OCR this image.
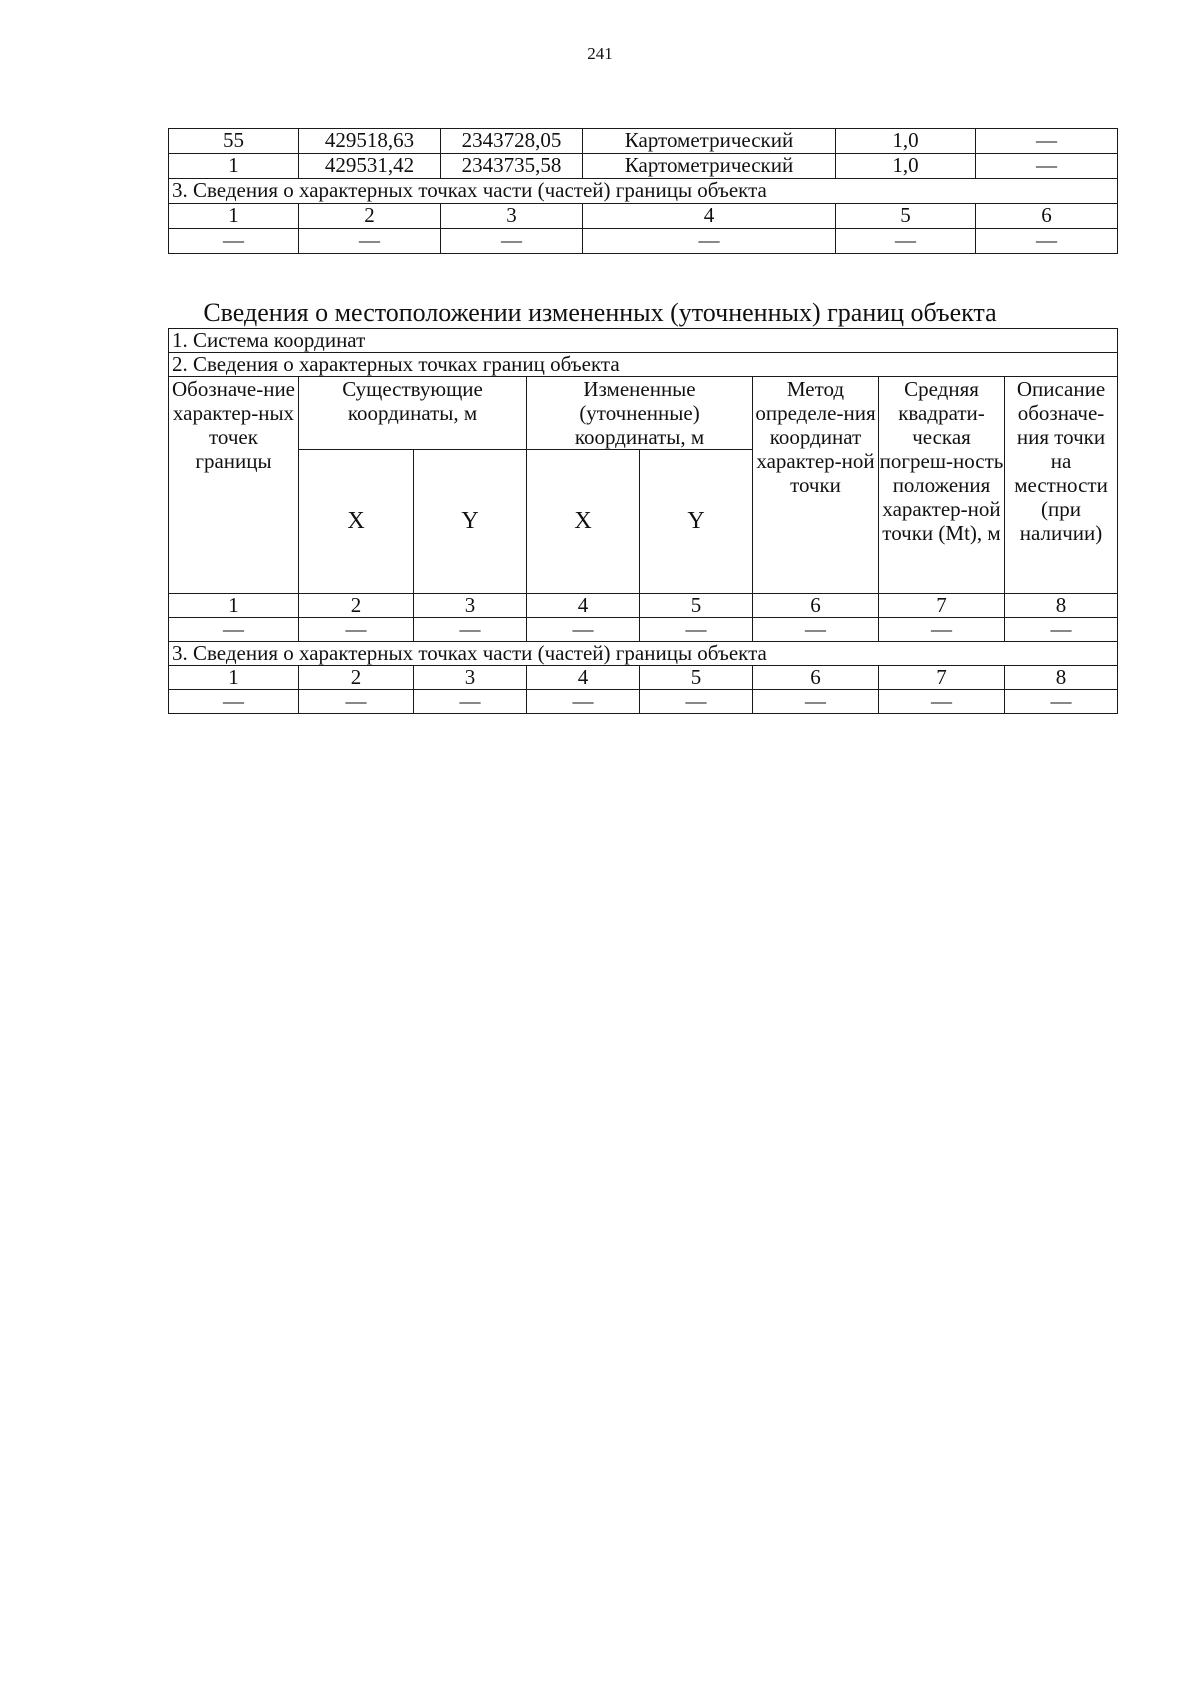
241
55	429518,63	2343728,05	Картометрический	1,0	—
1	429531,42	2343735,58	Картометрический	1,0	—
3. Сведения о характерных точках части (частей) границы объекта					
1	2	3	4	5	6
—	—	—	—	—	—
Сведения о местоположении измененных (уточненных) границ объекта
1. Система координат							
2. Сведения о характерных точках границ объекта							
Обозначе-ние характер-ных точек границы	Существующие координаты, м		Измененные (уточненные) координаты, м		Метод определе-ния координат характер-ной точки	Средняя квадрати-ческая погреш-ность положения характер-ной точки (Mt), м	Описание обозначе-ния точки на местности (при наличии)
	X	Y	X	Y			
1	2	3	4	5	6	7	8
—	—	—	—	—	—	—	—
3. Сведения о характерных точках части (частей) границы объекта							
1	2	3	4	5	6	7	8
—	—	—	—	—	—	—	—
